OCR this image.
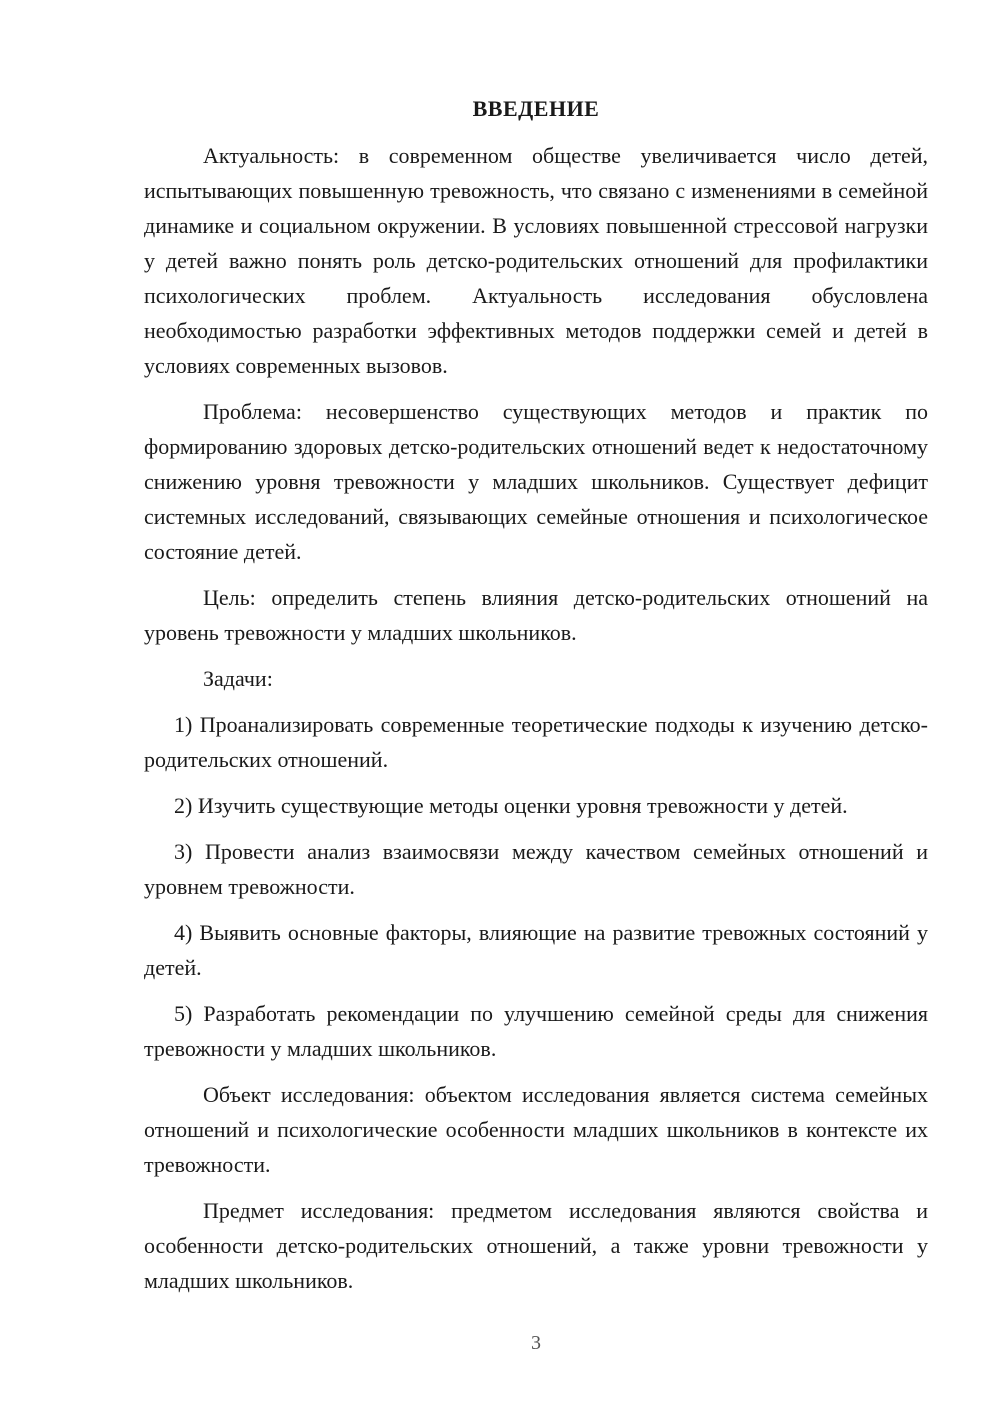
ВВЕДЕНИЕ

Актуальность: в современном обществе увеличивается число детей, испытывающих повышенную тревожность, что связано с изменениями в семейной динамике и социальном окружении. В условиях повышенной стрессовой нагрузки у детей важно понять роль детско-родительских отношений для профилактики психологических проблем. Актуальность исследования обусловлена необходимостью разработки эффективных методов поддержки семей и детей в условиях современных вызовов.

Проблема: несовершенство существующих методов и практик по формированию здоровых детско-родительских отношений ведет к недостаточному снижению уровня тревожности у младших школьников. Существует дефицит системных исследований, связывающих семейные отношения и психологическое состояние детей.

Цель: определить степень влияния детско-родительских отношений на уровень тревожности у младших школьников.

Задачи:

1) Проанализировать современные теоретические подходы к изучению детско-родительских отношений.

2) Изучить существующие методы оценки уровня тревожности у детей.

3) Провести анализ взаимосвязи между качеством семейных отношений и уровнем тревожности.

4) Выявить основные факторы, влияющие на развитие тревожных состояний у детей.

5) Разработать рекомендации по улучшению семейной среды для снижения тревожности у младших школьников.

Объект исследования: объектом исследования является система семейных отношений и психологические особенности младших школьников в контексте их тревожности.

Предмет исследования: предметом исследования являются свойства и особенности детско-родительских отношений, а также уровни тревожности у младших школьников.

3
